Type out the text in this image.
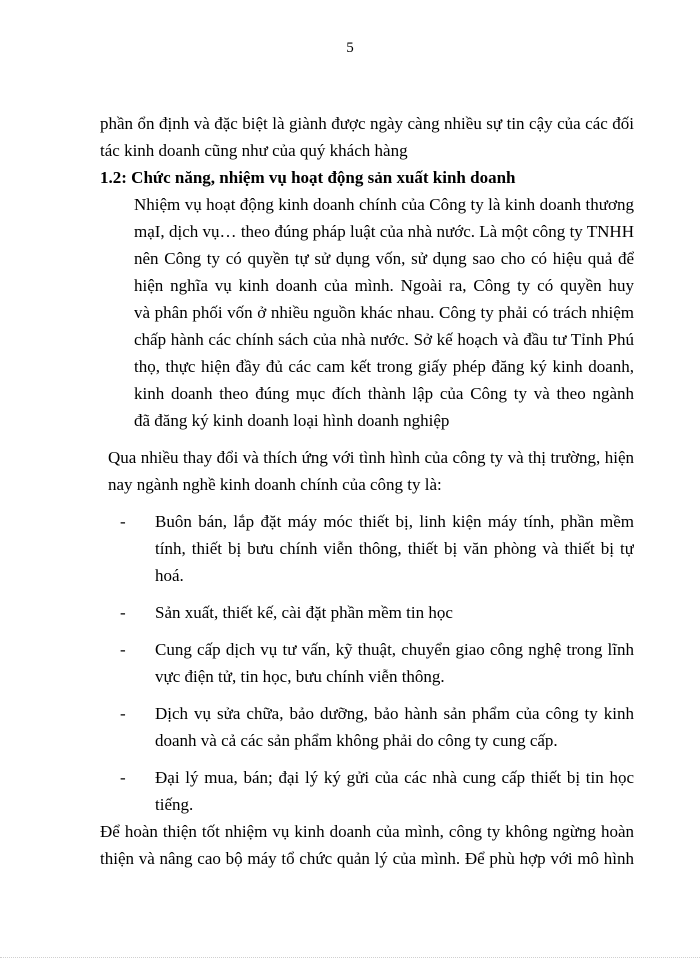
5
phần ổn định và đặc biệt là giành được ngày càng nhiều sự tin cậy của các đối
tác kinh doanh cũng như của quý khách hàng
1.2: Chức năng, nhiệm vụ hoạt động sản xuất kinh doanh
Nhiệm vụ hoạt động kinh doanh chính của Công ty là kinh doanh thương
mạI, dịch vụ… theo đúng pháp luật của nhà nước. Là một công ty TNHH
nên Công ty có quyền tự sử dụng vốn, sử dụng sao cho có hiệu quả để
hiện nghĩa vụ kinh doanh của mình. Ngoài ra, Công ty có quyền huy
và phân phối vốn ở nhiều nguồn khác nhau. Công ty phải có trách nhiệm
chấp hành các chính sách của nhà nước. Sở kế hoạch và đầu tư Tỉnh Phú
thọ, thực hiện đầy đủ các cam kết trong giấy phép đăng ký kinh doanh,
kinh doanh theo đúng mục đích thành lập của Công ty và theo ngành
đã đăng ký kinh doanh loại hình doanh nghiệp
Qua nhiều thay đổi và thích ứng với tình hình của công ty và thị trường, hiện
nay ngành nghề kinh doanh chính của công ty là:
- Buôn bán, lắp đặt máy móc thiết bị, linh kiện máy tính, phần mềm
tính, thiết bị bưu chính viễn thông, thiết bị văn phòng và thiết bị tự
hoá.
- Sản xuất, thiết kế, cài đặt phần mềm tin học
- Cung cấp dịch vụ tư vấn, kỹ thuật, chuyển giao công nghệ trong lĩnh
vực điện tử, tin học, bưu chính viễn thông.
- Dịch vụ sửa chữa, bảo dưỡng, bảo hành sản phẩm của công ty kinh
doanh và cả các sản phẩm không phải do công ty cung cấp.
- Đại lý mua, bán; đại lý ký gửi của các nhà cung cấp thiết bị tin học
tiếng.
Để hoàn thiện tốt nhiệm vụ kinh doanh của mình, công ty không ngừng hoàn
thiện và nâng cao bộ máy tổ chức quản lý của mình. Để phù hợp với mô hình
